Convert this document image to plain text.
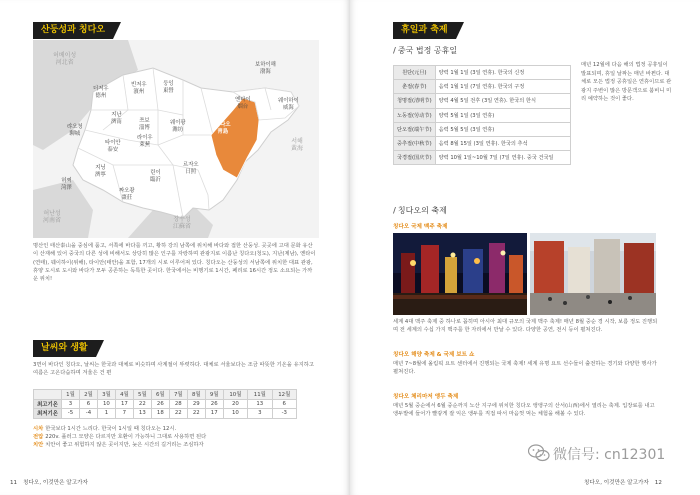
산둥성과 칭다오
허베이성
河北省
더저우
德州
빈저우
濱州
둥잉
東營
보하이해
渤海
옌타이
烟台
웨이하이
威海
랴오청
聊城
지난
濟南	쯔보
淄博
웨이팡
潍坊
라이우
萊蕪
타이안
泰安
칭다오
靑島
서해
黃海
허쩌
菏澤
지닝
濟寧	린이
臨沂
르자오
日照
짜오좡
棗莊
허난성
河南省	장쑤성
江蘇省
명산인 태산泰山을 중심에 품고, 서쪽에 바다를 끼고, 황하 강의 남쪽에 위치해 바다와 접한 산둥성. 곳곳에 고대 문화 유산이 산재해 있어 중국의 다른 성에 비해서도 상당히 많은 인구를 자랑하며 관광지로 이름난 칭다오(청도), 지난(제남), 옌타이(연태), 웨이하이(위해), 타이안(태안)을 포함, 17개의 시로 이루어져 있다. 칭다오는 산둥성의 서남쪽에 위치한 대표 관광, 휴양 도시로 도시와 바다가 모두 공존하는 독특한 곳이다. 한국에서는 비행기로 1시간, 페리로 16시간 정도 소요되는 가까운 위치!
날씨와 생활
3면이 바다인 칭다오, 날씨는 한국과 대체로 비슷하며 사계절이 뚜렷하다. 대체로 서울보다는 조금 따뜻한 기온을 유지하고 여름은 고온다습하며 겨울은 건 편
	1월	2월	3월	4월	5월	6월	7월	8월	9월	10월	11월	12월
최고기온	3	6	10	17	22	26	28	29	26	20	13	6
최저기온	-5	-4	1	7	13	18	22	22	17	10	3	-3
시차 한국보다 1시간 느리다. 한국이 1시일 때 칭다오는 12시.
전압 220v. 플러그 모양은 다르지만 호환이 가능하니 그대로 사용하면 된다
치안 치안이 좋고 위험하지 않은 곳이지만, 늦은 시간의 길거리는 조심하자
11 칭다오, 이것만은 알고가자
휴일과 축제
/ 중국 법정 공휴일
매년 12월에 다음 해의 법정 공휴일이 발표되며, 휴일 날짜는 매년 바뀐다. 대체로 모든 법정 공휴일은 연휴이므로 관광지 주변이 많은 방문객으로 붐비니 미리 예약하는 것이 좋다.
/ 칭다오의 축제
칭다오 국제 맥주 축제
세계 4대 맥주 축제 중 하나로 꼽히며 아시아 최대 규모의 국제 맥주 축제! 매년 8월 중순 경 시작, 보름 정도 진행되며 전 세계의 수십 가지 맥주를 한 자리에서 만날 수 있다. 다양한 공연, 전시 등이 펼쳐진다.
칭다오 해양 축제 & 국제 보트 쇼
매년 7~8월에 올림픽 요트 센터에서 진행되는 국제 축제! 세계 유명 요트 선수들이 출전하는 경기와 다양한 행사가 펼쳐진다.
칭다오 체리마저 앵두 축제
매년 5월 중순에서 6월 중순까지 노산 지구에 위치한 칭다오 앵앵구의 산서(山西)에서 열리는 축제. 입장료를 내고 앵두밭에 들어가 빨갛게 잘 익은 앵두를 직접 따서 마음껏 먹는 체험을 해볼 수 있다.
칭다오, 이것만은 알고가자 12
원단(元旦)	양력 1월 1일 (3일 연휴). 한국의 신정
춘절(春节)	음력 1월 1일 (7일 연휴). 한국의 구정
청명절(清明节)	양력 4월 5일 전후 (3일 연휴). 한국의 한식
노동절(劳动节)	양력 5월 1일 (3일 연휴)
단오절(端午节)	음력 5월 5일 (3일 연휴)
중추절(中秋节)	음력 8월 15일 (3일 연휴). 한국의 추석
국경절(国庆节)	양력 10월 1일~10월 7일 (7일 연휴). 중국 건국일
微信号: cn12301
